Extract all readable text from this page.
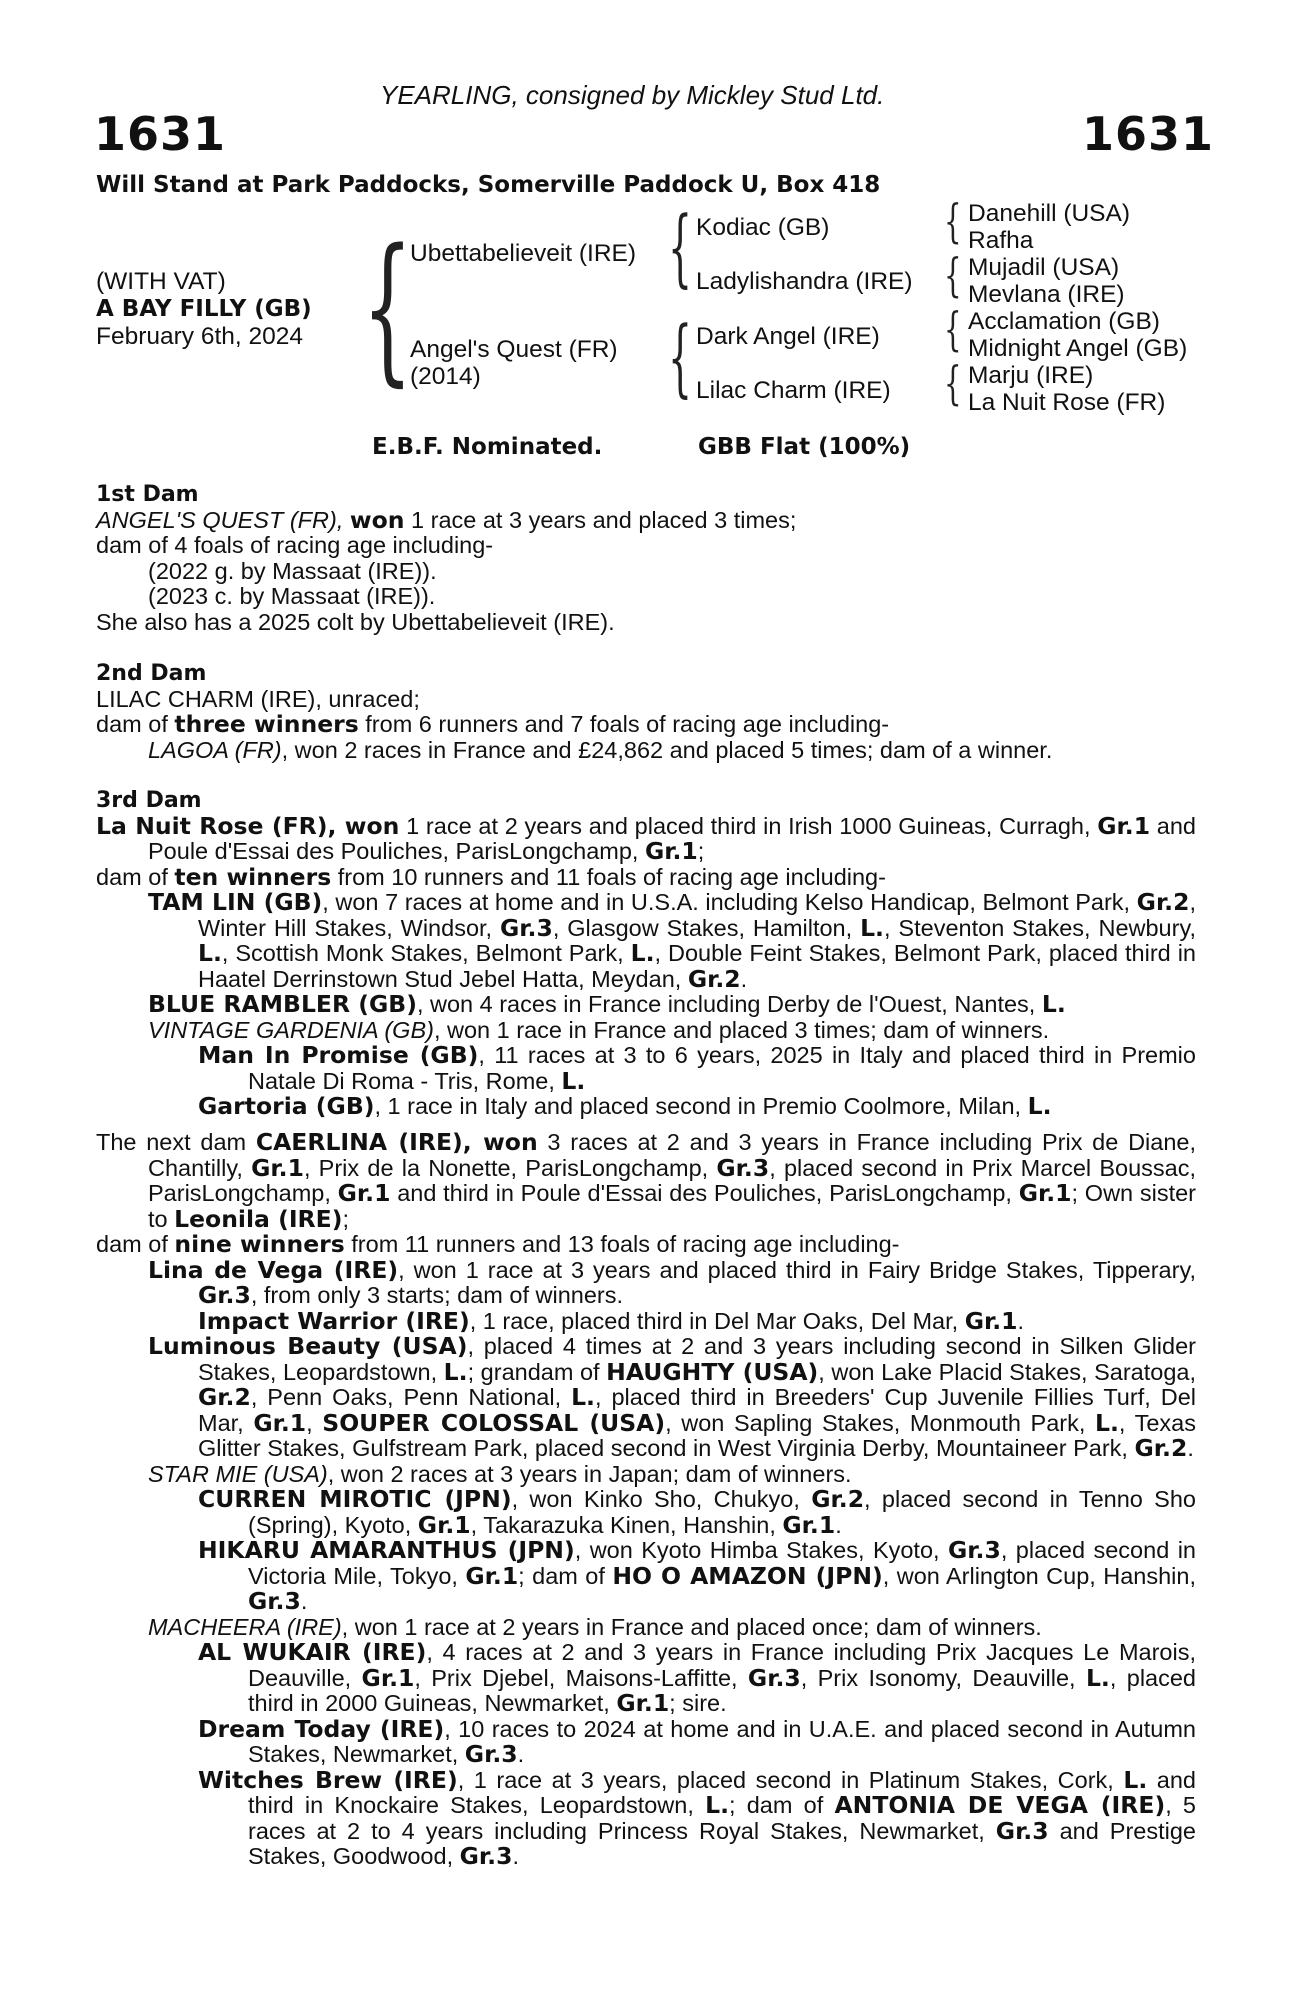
YEARLING, consigned by Mickley Stud Ltd.
1631	1631
Will Stand at Park Paddocks, Somerville Paddock U, Box 418
(WITH VAT)
A BAY FILLY (GB)
February 6th, 2024 {
Ubettabelieveit (IRE)
Angel's Quest (FR)
(2014)
{ Kodiac (GB)
Ladylishandra (IRE)
{ Dark Angel (IRE)
Lilac Charm (IRE)
{ Danehill (USA)
Rafha
{ Mujadil (USA)
Mevlana (IRE)
{ Acclamation (GB)
Midnight Angel (GB)
{ Marju (IRE)
La Nuit Rose (FR)
E.B.F. Nominated.	GBB Flat (100%)
1st Dam
ANGEL'S QUEST (FR), won 1 race at 3 years and placed 3 times;
dam of 4 foals of racing age including-
(2022 g. by Massaat (IRE)).
(2023 c. by Massaat (IRE)).
She also has a 2025 colt by Ubettabelieveit (IRE).
2nd Dam
LILAC CHARM (IRE), unraced;
dam of three winners from 6 runners and 7 foals of racing age including-
LAGOA (FR), won 2 races in France and £24,862 and placed 5 times; dam of a winner.
3rd Dam
La Nuit Rose (FR), won 1 race at 2 years and placed third in Irish 1000 Guineas, Curragh, Gr.1 and Poule d'Essai des Pouliches, ParisLongchamp, Gr.1;
dam of ten winners from 10 runners and 11 foals of racing age including-
TAM LIN (GB), won 7 races at home and in U.S.A. including Kelso Handicap, Belmont Park, Gr.2, Winter Hill Stakes, Windsor, Gr.3, Glasgow Stakes, Hamilton, L., Steventon Stakes, Newbury, L., Scottish Monk Stakes, Belmont Park, L., Double Feint Stakes, Belmont Park, placed third in Haatel Derrinstown Stud Jebel Hatta, Meydan, Gr.2.
BLUE RAMBLER (GB), won 4 races in France including Derby de l'Ouest, Nantes, L.
VINTAGE GARDENIA (GB), won 1 race in France and placed 3 times; dam of winners.
Man In Promise (GB), 11 races at 3 to 6 years, 2025 in Italy and placed third in Premio Natale Di Roma - Tris, Rome, L.
Gartoria (GB), 1 race in Italy and placed second in Premio Coolmore, Milan, L.
The next dam CAERLINA (IRE), won 3 races at 2 and 3 years in France including Prix de Diane, Chantilly, Gr.1, Prix de la Nonette, ParisLongchamp, Gr.3, placed second in Prix Marcel Boussac, ParisLongchamp, Gr.1 and third in Poule d'Essai des Pouliches, ParisLongchamp, Gr.1; Own sister to Leonila (IRE);
dam of nine winners from 11 runners and 13 foals of racing age including-
Lina de Vega (IRE), won 1 race at 3 years and placed third in Fairy Bridge Stakes, Tipperary, Gr.3, from only 3 starts; dam of winners.
Impact Warrior (IRE), 1 race, placed third in Del Mar Oaks, Del Mar, Gr.1.
Luminous Beauty (USA), placed 4 times at 2 and 3 years including second in Silken Glider Stakes, Leopardstown, L.; grandam of HAUGHTY (USA), won Lake Placid Stakes, Saratoga, Gr.2, Penn Oaks, Penn National, L., placed third in Breeders' Cup Juvenile Fillies Turf, Del Mar, Gr.1, SOUPER COLOSSAL (USA), won Sapling Stakes, Monmouth Park, L., Texas Glitter Stakes, Gulfstream Park, placed second in West Virginia Derby, Mountaineer Park, Gr.2.
STAR MIE (USA), won 2 races at 3 years in Japan; dam of winners.
CURREN MIROTIC (JPN), won Kinko Sho, Chukyo, Gr.2, placed second in Tenno Sho (Spring), Kyoto, Gr.1, Takarazuka Kinen, Hanshin, Gr.1.
HIKARU AMARANTHUS (JPN), won Kyoto Himba Stakes, Kyoto, Gr.3, placed second in Victoria Mile, Tokyo, Gr.1; dam of HO O AMAZON (JPN), won Arlington Cup, Hanshin, Gr.3.
MACHEERA (IRE), won 1 race at 2 years in France and placed once; dam of winners.
AL WUKAIR (IRE), 4 races at 2 and 3 years in France including Prix Jacques Le Marois, Deauville, Gr.1, Prix Djebel, Maisons-Laffitte, Gr.3, Prix Isonomy, Deauville, L., placed third in 2000 Guineas, Newmarket, Gr.1; sire.
Dream Today (IRE), 10 races to 2024 at home and in U.A.E. and placed second in Autumn Stakes, Newmarket, Gr.3.
Witches Brew (IRE), 1 race at 3 years, placed second in Platinum Stakes, Cork, L. and third in Knockaire Stakes, Leopardstown, L.; dam of ANTONIA DE VEGA (IRE), 5 races at 2 to 4 years including Princess Royal Stakes, Newmarket, Gr.3 and Prestige Stakes, Goodwood, Gr.3.
